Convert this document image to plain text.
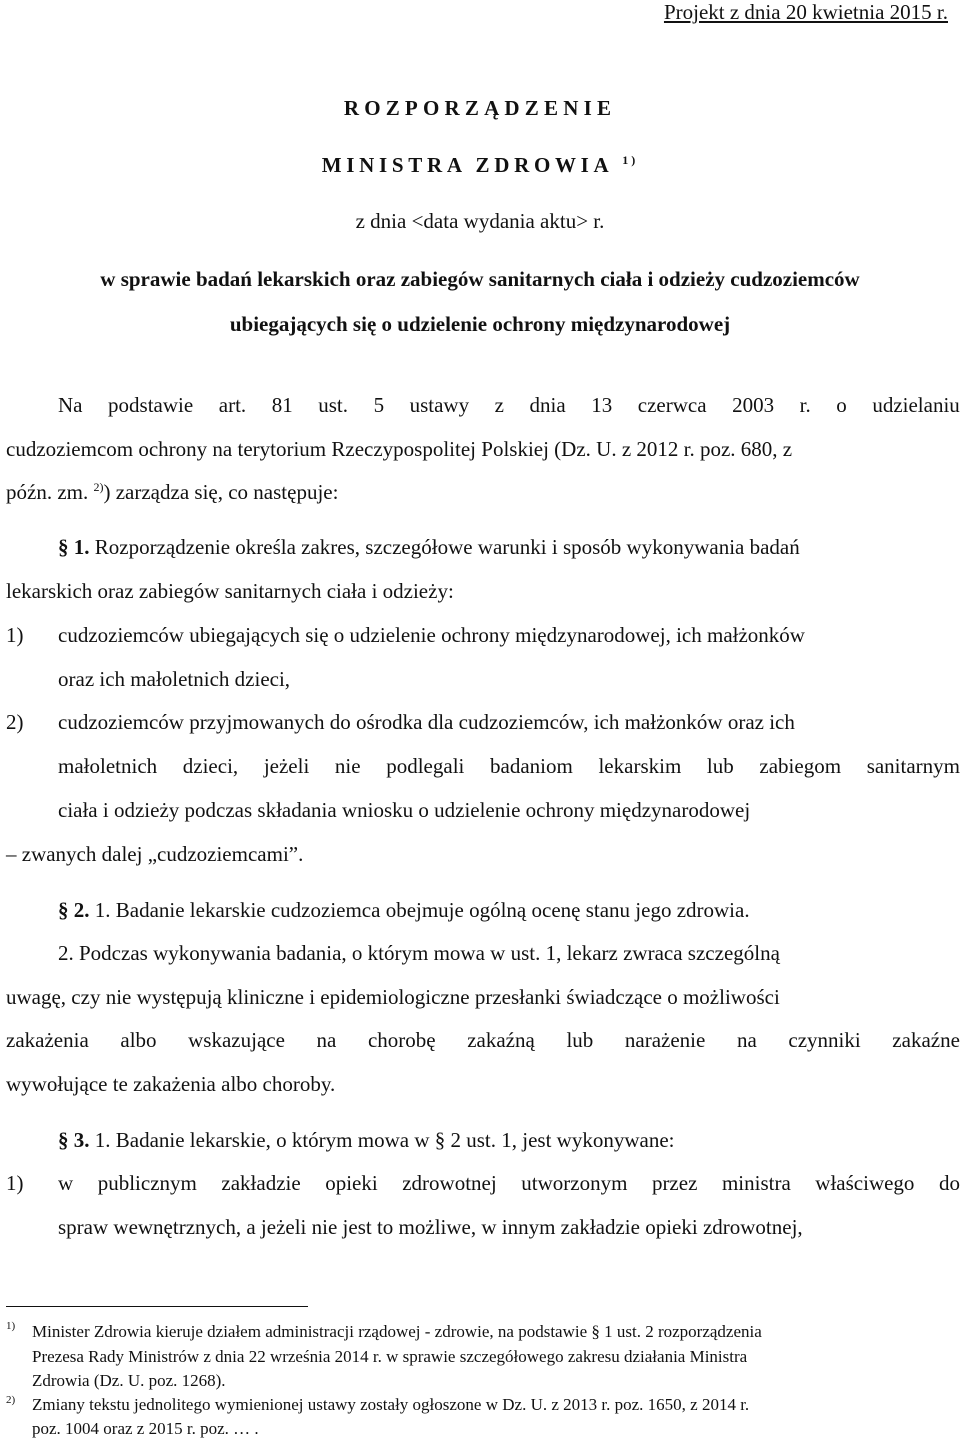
Projekt z dnia 20 kwietnia 2015 r.
ROZPORZĄDZENIE
MINISTRA ZDROWIA $^{1)}$
z dnia <data wydania aktu> r.
w sprawie badań lekarskich oraz zabiegów sanitarnych ciała i odzieży cudzoziemców
ubiegających się o udzielenie ochrony międzynarodowej
Na podstawie art. 81 ust. 5 ustawy z dnia 13 czerwca 2003 r. o udzielaniu
cudzoziemcom ochrony na terytorium Rzeczypospolitej Polskiej (Dz. U. z 2012 r. poz. 680, z
późn. zm. $^{2)}$) zarządza się, co następuje:
§ 1. Rozporządzenie określa zakres, szczegółowe warunki i sposób wykonywania badań
lekarskich oraz zabiegów sanitarnych ciała i odzieży:
1) cudzoziemców ubiegających się o udzielenie ochrony międzynarodowej, ich małżonków
oraz ich małoletnich dzieci,
2) cudzoziemców przyjmowanych do ośrodka dla cudzoziemców, ich małżonków oraz ich
małoletnich dzieci, jeżeli nie podlegali badaniom lekarskim lub zabiegom sanitarnym
ciała i odzieży podczas składania wniosku o udzielenie ochrony międzynarodowej
– zwanych dalej „cudzoziemcami”.
§ 2. 1. Badanie lekarskie cudzoziemca obejmuje ogólną ocenę stanu jego zdrowia.
2. Podczas wykonywania badania, o którym mowa w ust. 1, lekarz zwraca szczególną
uwagę, czy nie występują kliniczne i epidemiologiczne przesłanki świadczące o możliwości
zakażenia albo wskazujące na chorobę zakaźną lub narażenie na czynniki zakaźne
wywołujące te zakażenia albo choroby.
§ 3. 1. Badanie lekarskie, o którym mowa w § 2 ust. 1, jest wykonywane:
1) w publicznym zakładzie opieki zdrowotnej utworzonym przez ministra właściwego do
spraw wewnętrznych, a jeżeli nie jest to możliwe, w innym zakładzie opieki zdrowotnej,
1) Minister Zdrowia kieruje działem administracji rządowej - zdrowie, na podstawie § 1 ust. 2 rozporządzenia
Prezesa Rady Ministrów z dnia 22 września 2014 r. w sprawie szczegółowego zakresu działania Ministra
Zdrowia (Dz. U. poz. 1268).
2) Zmiany tekstu jednolitego wymienionej ustawy zostały ogłoszone w Dz. U. z 2013 r. poz. 1650, z 2014 r.
poz. 1004 oraz z 2015 r. poz. … .
